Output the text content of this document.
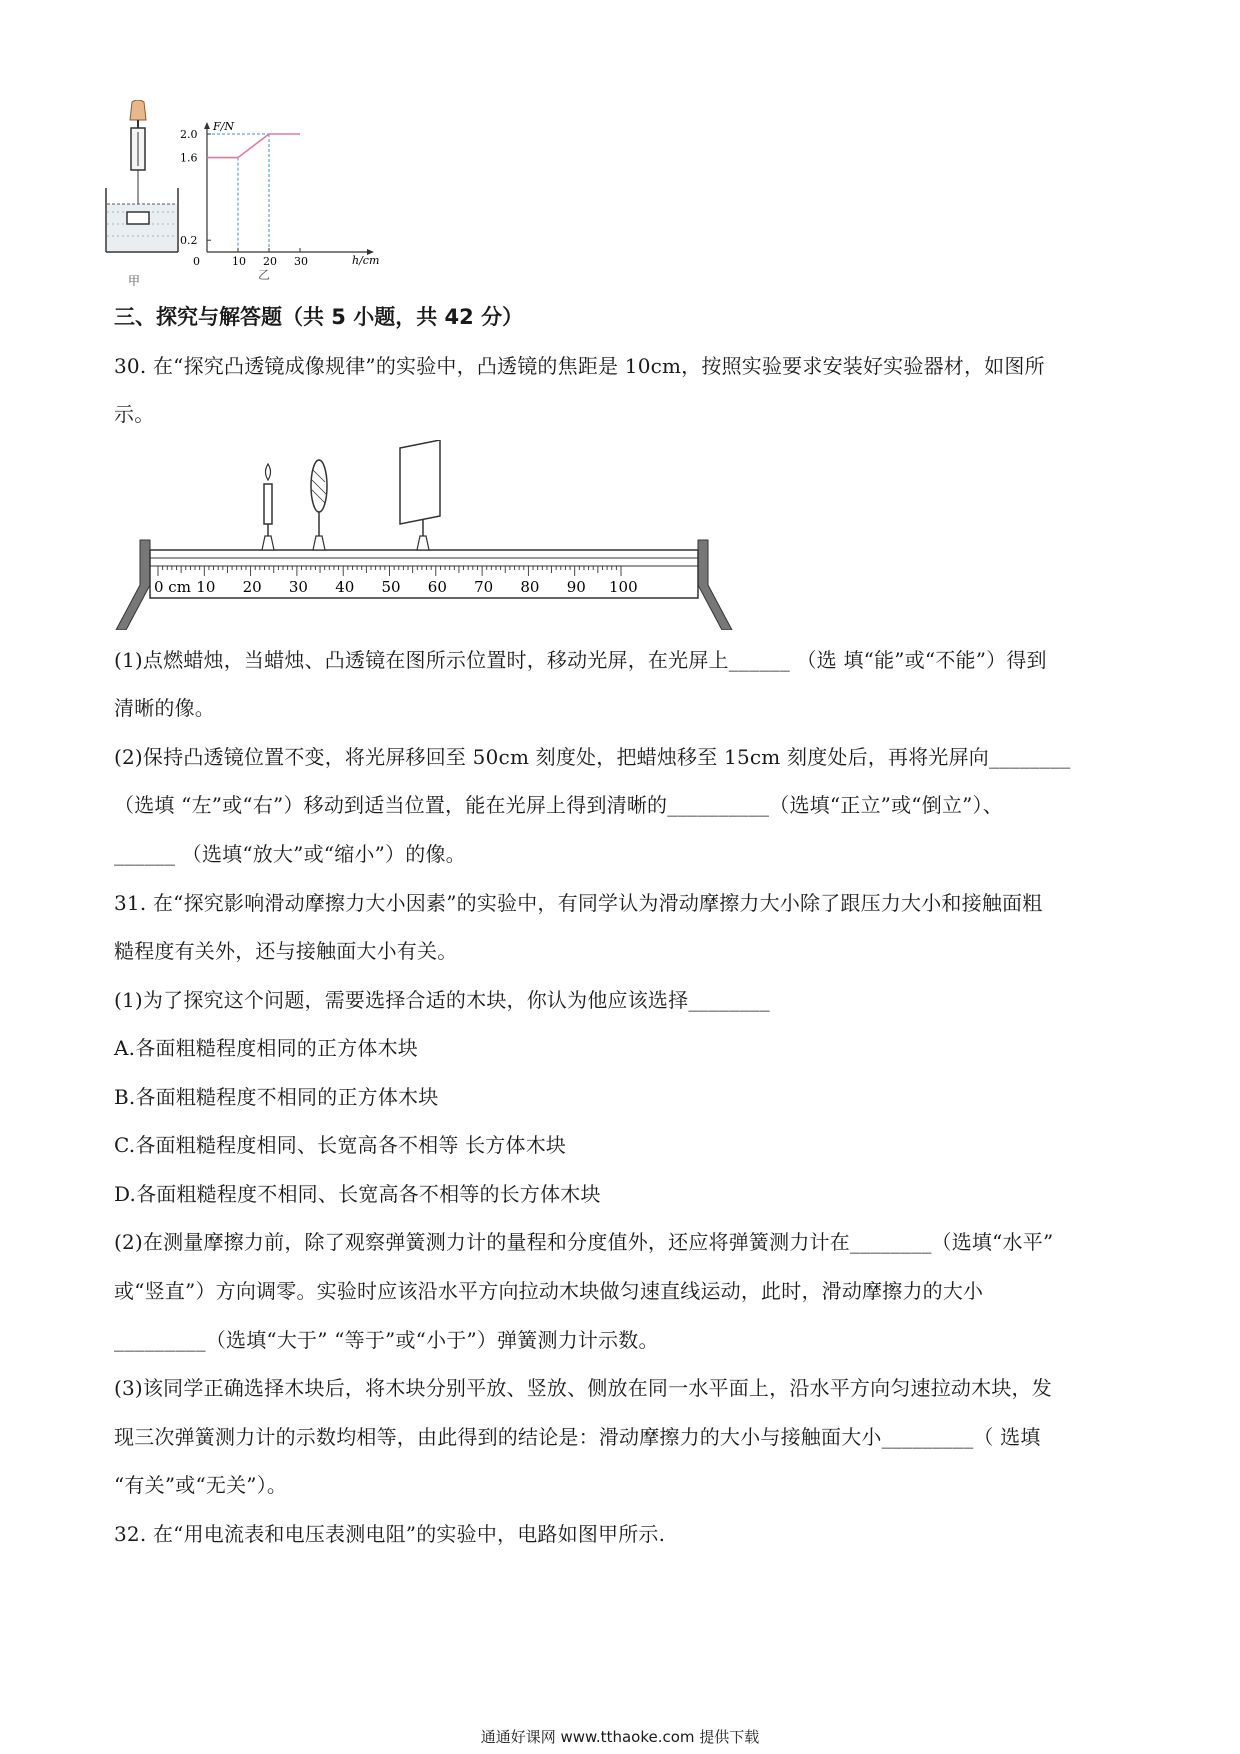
甲
F/N
h/cm
0	10 20 30
2.0
1.6
0.2
乙
三、探究与解答题（共 5 小题，共 42 分）
30. 在“探究凸透镜成像规律”的实验中，凸透镜的焦距是 10cm，按照实验要求安装好实验器材，如图所
示。
0 cm 10 20 30 40 50 60 70 80 90 100
(1)点燃蜡烛，当蜡烛、凸透镜在图所示位置时，移动光屏，在光屏上______ （选 填“能”或“不能”）得到
清晰的像。
(2)保持凸透镜位置不变，将光屏移回至 50cm 刻度处，把蜡烛移至 15cm 刻度处后，再将光屏向________
（选填 “左”或“右”）移动到适当位置，能在光屏上得到清晰的__________（选填“正立”或“倒立”）、
______ （选填“放大”或“缩小”）的像。
31. 在“探究影响滑动摩擦力大小因素”的实验中，有同学认为滑动摩擦力大小除了跟压力大小和接触面粗
糙程度有关外，还与接触面大小有关。
(1)为了探究这个问题，需要选择合适的木块，你认为他应该选择________
A.各面粗糙程度相同的正方体木块
B.各面粗糙程度不相同的正方体木块
C.各面粗糙程度相同、长宽高各不相等 长方体木块
D.各面粗糙程度不相同、长宽高各不相等的长方体木块
(2)在测量摩擦力前，除了观察弹簧测力计的量程和分度值外，还应将弹簧测力计在________（选填“水平”
或“竖直”）方向调零。实验时应该沿水平方向拉动木块做匀速直线运动，此时，滑动摩擦力的大小
_________（选填“大于” “等于”或“小于”）弹簧测力计示数。
(3)该同学正确选择木块后，将木块分别平放、竖放、侧放在同一水平面上，沿水平方向匀速拉动木块，发
现三次弹簧测力计的示数均相等，由此得到的结论是：滑动摩擦力的大小与接触面大小_________（ 选填
“有关”或“无关”）。
32. 在“用电流表和电压表测电阻”的实验中，电路如图甲所示.
通通好课网 www.tthaoke.com 提供下载
